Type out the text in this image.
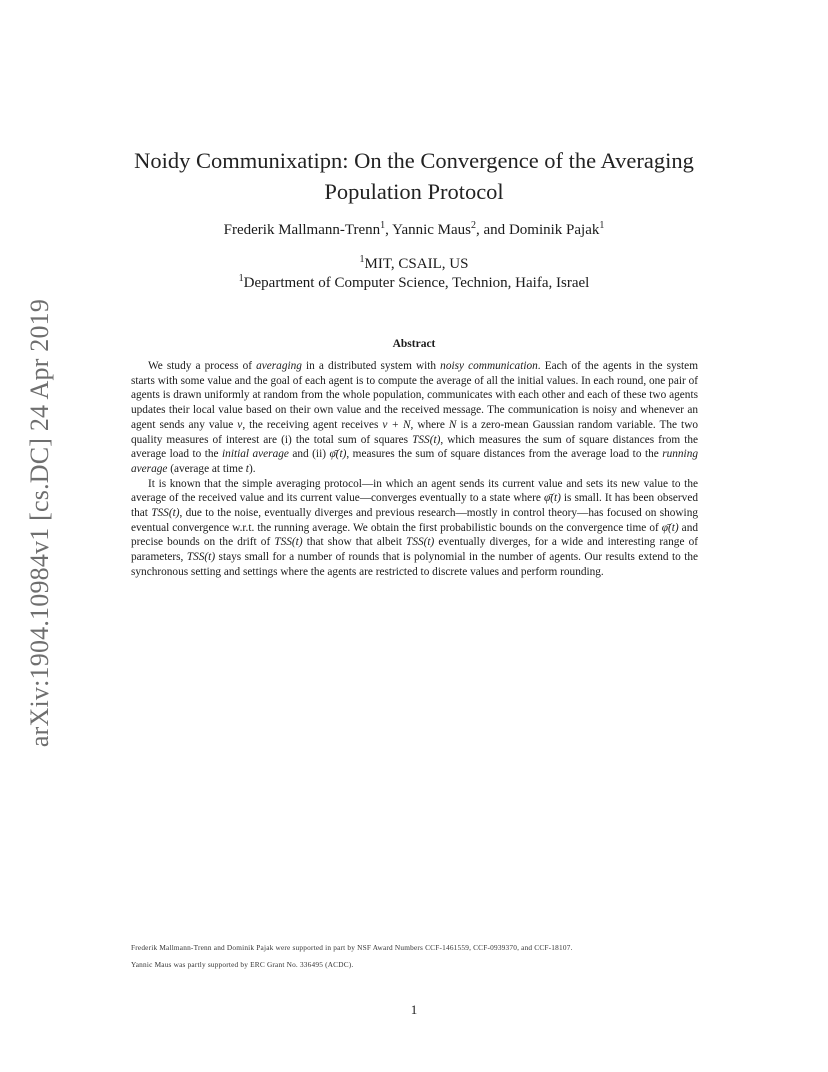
arXiv:1904.10984v1 [cs.DC] 24 Apr 2019
Noidy Communixatipn: On the Convergence of the Averaging
Population Protocol
Frederik Mallmann-Trenn$^1$, Yannic Maus$^2$, and Dominik Pajak$^1$
$^1$MIT, CSAIL, US
$^1$Department of Computer Science, Technion, Haifa, Israel
Abstract

We study a process of averaging in a distributed system with noisy communication. Each of the agents in the system starts with some value and the goal of each agent is to compute the average of all the initial values. In each round, one pair of agents is drawn uniformly at random from the whole population, communicates with each other and each of these two agents updates their local value based on their own value and the received message. The communication is noisy and whenever an agent sends any value v, the receiving agent receives v + N, where N is a zero-mean Gaussian random variable. The two quality measures of interest are (i) the total sum of squares TSS(t), which measures the sum of square distances from the average load to the initial average and (ii) φ̄(t), measures the sum of square distances from the average load to the running average (average at time t).

It is known that the simple averaging protocol—in which an agent sends its current value and sets its new value to the average of the received value and its current value—converges eventually to a state where φ̄(t) is small. It has been observed that TSS(t), due to the noise, eventually diverges and previous research—mostly in control theory—has focused on showing eventual convergence w.r.t. the running average. We obtain the first probabilistic bounds on the convergence time of φ̄(t) and precise bounds on the drift of TSS(t) that show that albeit TSS(t) eventually diverges, for a wide and interesting range of parameters, TSS(t) stays small for a number of rounds that is polynomial in the number of agents. Our results extend to the synchronous setting and settings where the agents are restricted to discrete values and perform rounding.

Frederik Mallmann-Trenn and Dominik Pajak were supported in part by NSF Award Numbers CCF-1461559, CCF-0939370, and CCF-18107.
Yannic Maus was partly supported by ERC Grant No. 336495 (ACDC).
1
